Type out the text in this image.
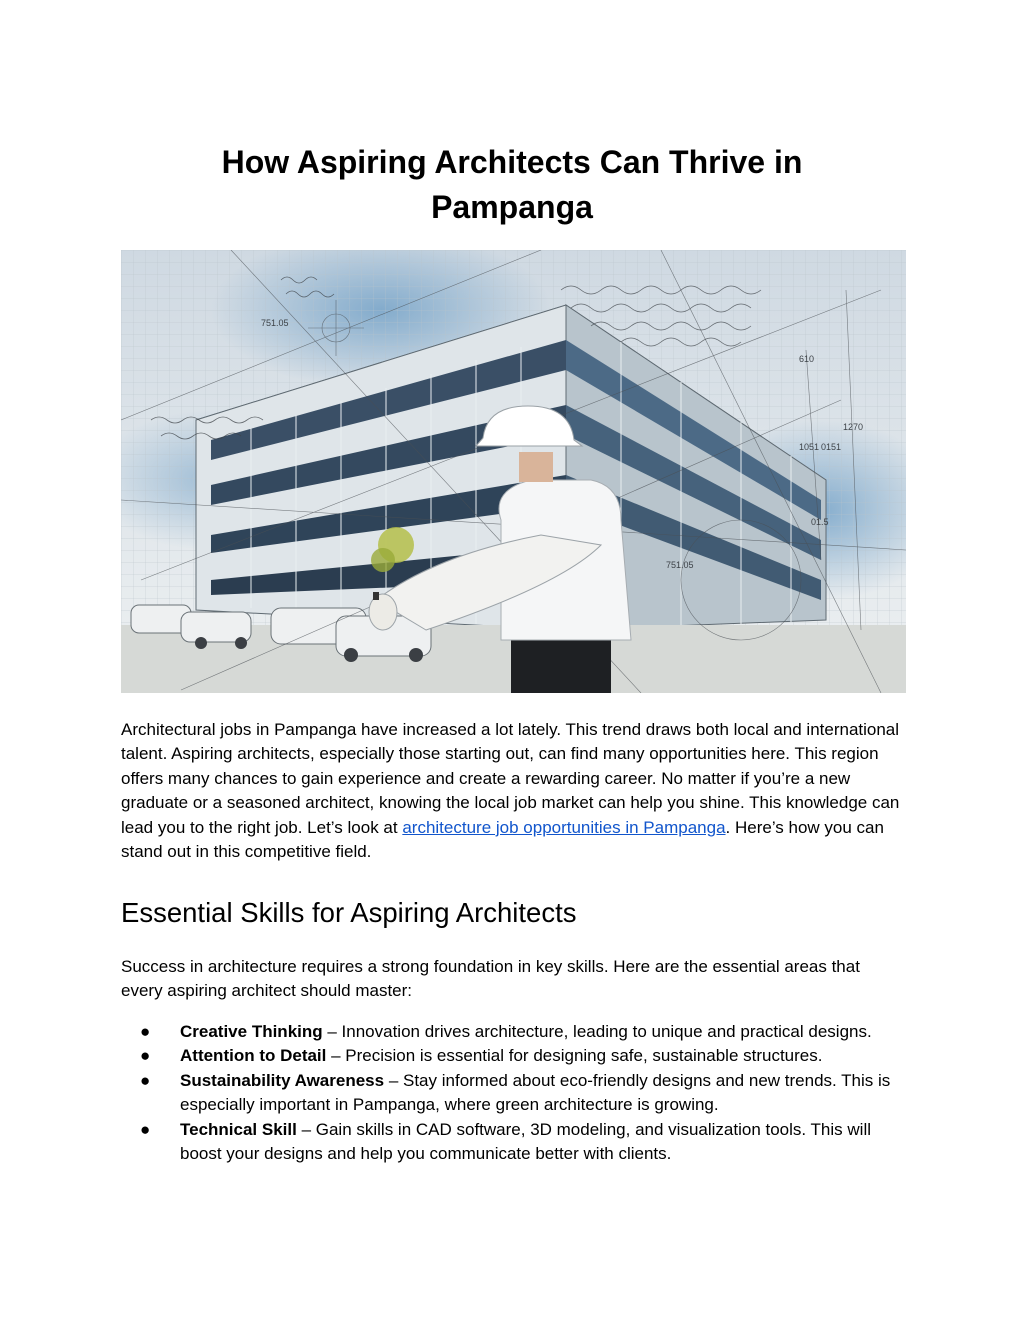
How Aspiring Architects Can Thrive in Pampanga
751.05
751.05
610
1051 0151
01.5
1270

Architectural jobs in Pampanga have increased a lot lately. This trend draws both local and international talent. Aspiring architects, especially those starting out, can find many opportunities here. This region offers many chances to gain experience and create a rewarding career. No matter if you’re a new graduate or a seasoned architect, knowing the local job market can help you shine. This knowledge can lead you to the right job. Let’s look at architecture job opportunities in Pampanga. Here’s how you can stand out in this competitive field.

Essential Skills for Aspiring Architects

Success in architecture requires a strong foundation in key skills. Here are the essential areas that every aspiring architect should master:

● Creative Thinking – Innovation drives architecture, leading to unique and practical designs.
● Attention to Detail – Precision is essential for designing safe, sustainable structures.
● Sustainability Awareness – Stay informed about eco-friendly designs and new trends. This is especially important in Pampanga, where green architecture is growing.
● Technical Skill – Gain skills in CAD software, 3D modeling, and visualization tools. This will boost your designs and help you communicate better with clients.
